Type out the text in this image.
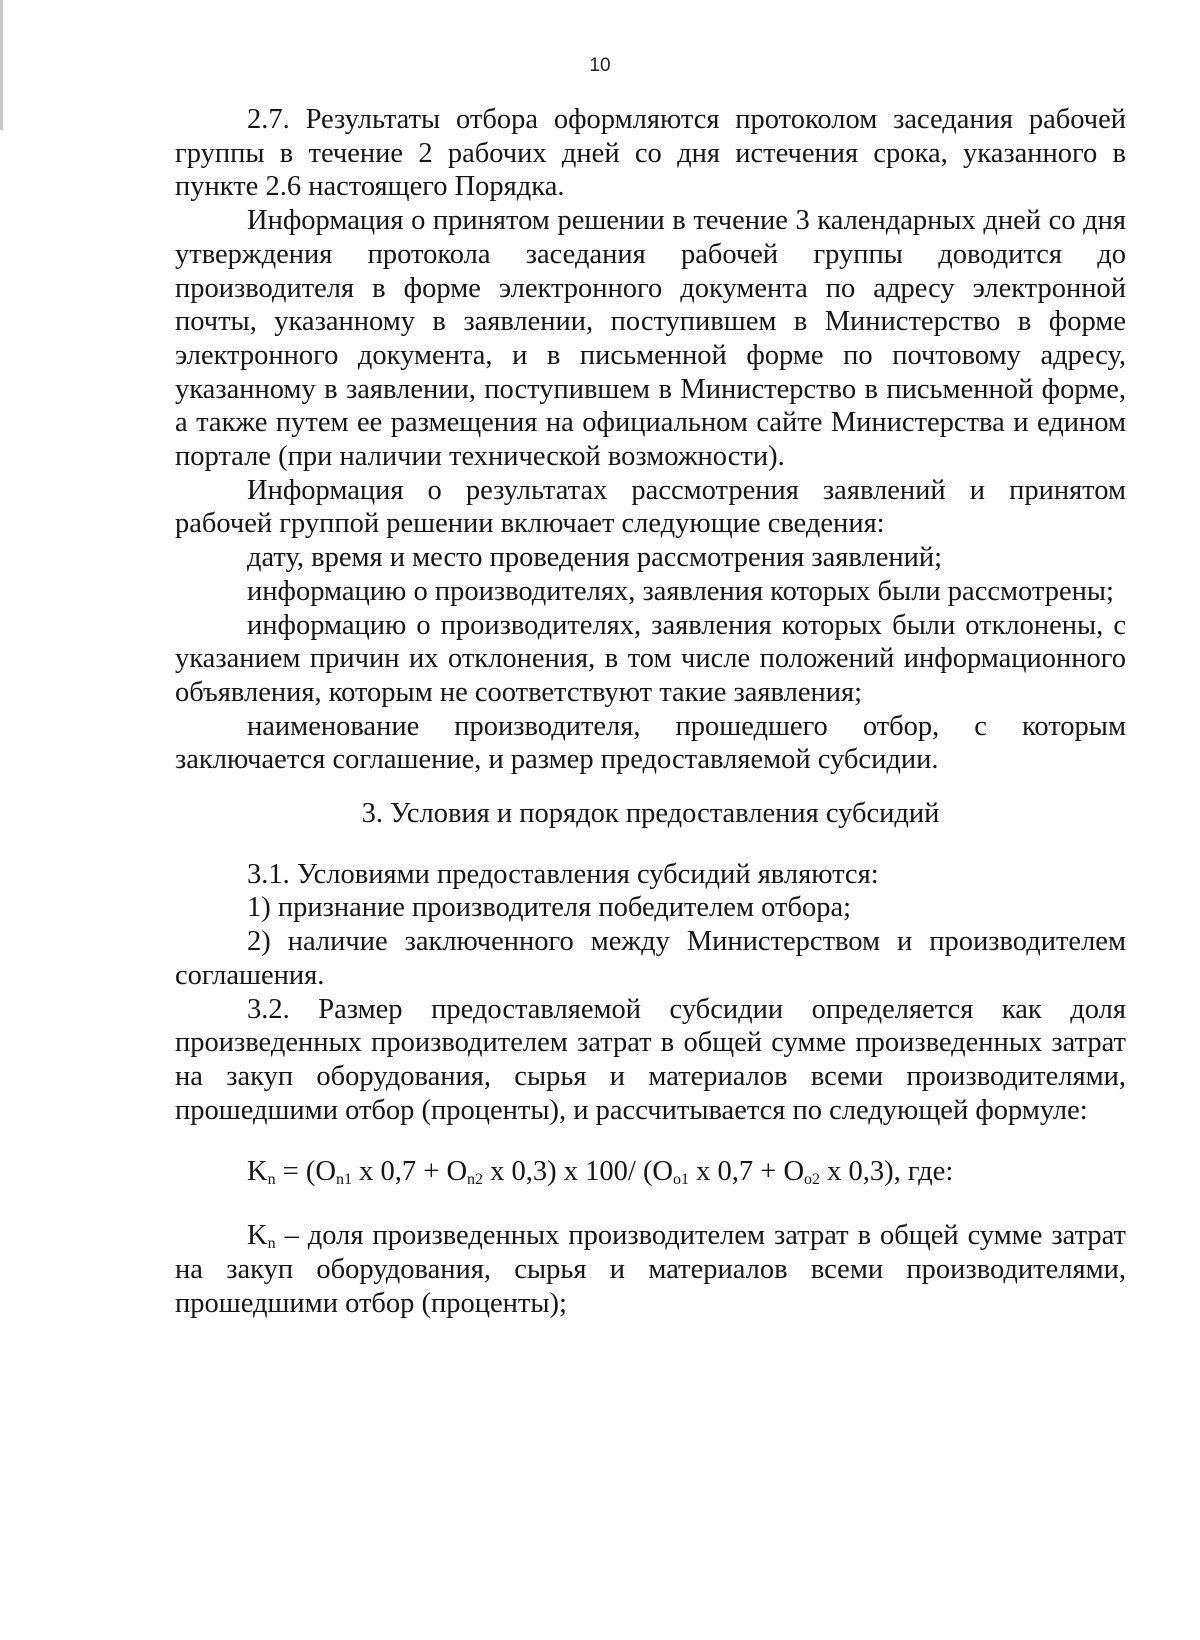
10

2.7. Результаты отбора оформляются протоколом заседания рабочей группы в течение 2 рабочих дней со дня истечения срока, указанного в пункте 2.6 настоящего Порядка.

Информация о принятом решении в течение 3 календарных дней со дня утверждения протокола заседания рабочей группы доводится до производителя в форме электронного документа по адресу электронной почты, указанному в заявлении, поступившем в Министерство в форме электронного документа, и в письменной форме по почтовому адресу, указанному в заявлении, поступившем в Министерство в письменной форме, а также путем ее размещения на официальном сайте Министерства и едином портале (при наличии технической возможности).

Информация о результатах рассмотрения заявлений и принятом рабочей группой решении включает следующие сведения:

дату, время и место проведения рассмотрения заявлений;

информацию о производителях, заявления которых были рассмотрены;

информацию о производителях, заявления которых были отклонены, с указанием причин их отклонения, в том числе положений информационного объявления, которым не соответствуют такие заявления;

наименование производителя, прошедшего отбор, с которым заключается соглашение, и размер предоставляемой субсидии.

3. Условия и порядок предоставления субсидий

3.1. Условиями предоставления субсидий являются:

1) признание производителя победителем отбора;

2) наличие заключенного между Министерством и производителем соглашения.

3.2. Размер предоставляемой субсидии определяется как доля произведенных производителем затрат в общей сумме произведенных затрат на закуп оборудования, сырья и материалов всеми производителями, прошедшими отбор (проценты), и рассчитывается по следующей формуле:

$K_n = (O_{n1}$ x $0,7 + O_{n2}$ x 0,3) x 100/ ($O_{o1}$ x $0,7 + O_{o2}$ x 0,3), где:

$K_n$ – доля произведенных производителем затрат в общей сумме затрат на закуп оборудования, сырья и материалов всеми производителями, прошедшими отбор (проценты);
